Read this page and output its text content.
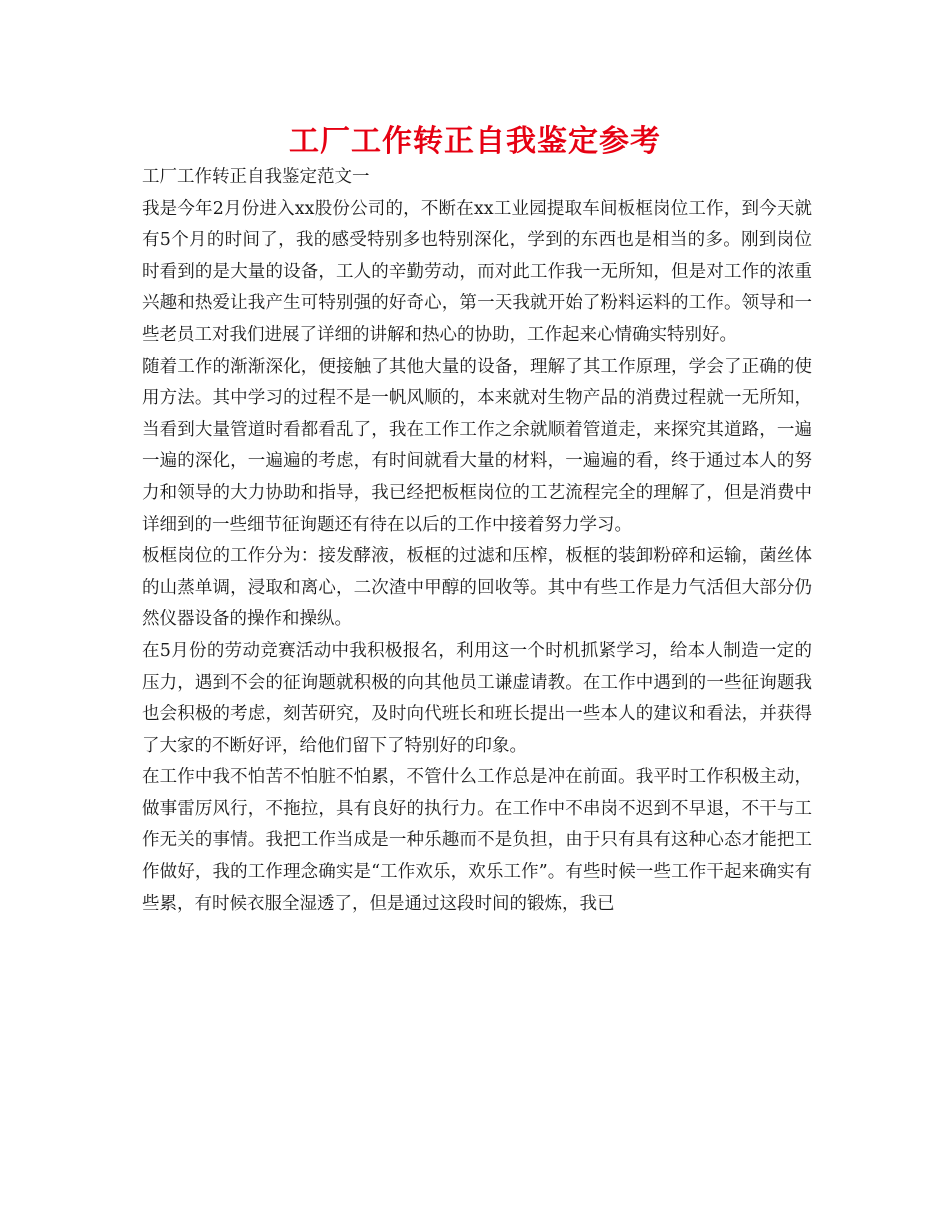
工厂工作转正自我鉴定参考

工厂工作转正自我鉴定范文一

我是今年2月份进入xx股份公司的，不断在xx工业园提取车间板框岗位工作，到今天就有5个月的时间了，我的感受特别多也特别深化，学到的东西也是相当的多。刚到岗位时看到的是大量的设备，工人的辛勤劳动，而对此工作我一无所知，但是对工作的浓重兴趣和热爱让我产生可特别强的好奇心，第一天我就开始了粉料运料的工作。领导和一些老员工对我们进展了详细的讲解和热心的协助，工作起来心情确实特别好。

随着工作的渐渐深化，便接触了其他大量的设备，理解了其工作原理，学会了正确的使用方法。其中学习的过程不是一帆风顺的，本来就对生物产品的消费过程就一无所知，当看到大量管道时看都看乱了，我在工作工作之余就顺着管道走，来探究其道路，一遍一遍的深化，一遍遍的考虑，有时间就看大量的材料，一遍遍的看，终于通过本人的努力和领导的大力协助和指导，我已经把板框岗位的工艺流程完全的理解了，但是消费中详细到的一些细节征询题还有待在以后的工作中接着努力学习。

板框岗位的工作分为：接发酵液，板框的过滤和压榨，板框的装卸粉碎和运输，菌丝体的山蒸单调，浸取和离心，二次渣中甲醇的回收等。其中有些工作是力气活但大部分仍然仪器设备的操作和操纵。

在5月份的劳动竞赛活动中我积极报名，利用这一个时机抓紧学习，给本人制造一定的压力，遇到不会的征询题就积极的向其他员工谦虚请教。在工作中遇到的一些征询题我也会积极的考虑，刻苦研究，及时向代班长和班长提出一些本人的建议和看法，并获得了大家的不断好评，给他们留下了特别好的印象。

在工作中我不怕苦不怕脏不怕累，不管什么工作总是冲在前面。我平时工作积极主动，做事雷厉风行，不拖拉，具有良好的执行力。在工作中不串岗不迟到不早退，不干与工作无关的事情。我把工作当成是一种乐趣而不是负担，由于只有具有这种心态才能把工作做好，我的工作理念确实是“工作欢乐，欢乐工作”。有些时候一些工作干起来确实有些累，有时候衣服全湿透了，但是通过这段时间的锻炼，我已
